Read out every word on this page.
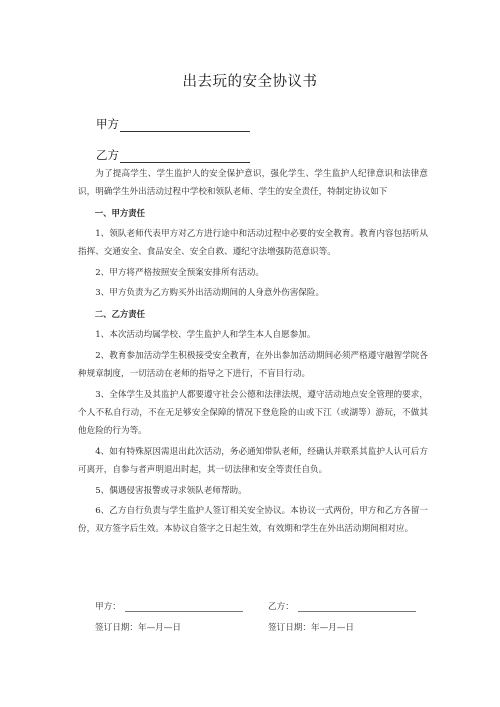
出去玩的安全协议书
甲方
乙方

为了提高学生、学生监护人的安全保护意识，强化学生、学生监护人纪律意识和法律意识，明确学生外出活动过程中学校和领队老师、学生的安全责任，特制定协议如下

一、甲方责任

1、领队老师代表甲方对乙方进行途中和活动过程中必要的安全教育。教育内容包括听从指挥、交通安全、食品安全、安全自救、遵纪守法增强防范意识等。

2、甲方将严格按照安全预案安排所有活动。

3、甲方负责为乙方购买外出活动期间的人身意外伤害保险。

二、乙方责任

1、本次活动均属学校、学生监护人和学生本人自愿参加。

2、教育参加活动学生积极接受安全教育，在外出参加活动期间必须严格遵守融智学院各种规章制度，一切活动在老师的指导之下进行，不盲目行动。

3、全体学生及其监护人都要遵守社会公德和法律法规，遵守活动地点安全管理的要求，个人不私自行动，不在无足够安全保障的情况下登危险的山或下江（或湖等）游玩，不做其他危险的行为等。

4、如有特殊原因需退出此次活动，务必通知带队老师，经确认并联系其监护人认可后方可离开，自参与者声明退出时起，其一切法律和安全等责任自负。

5、偶遇侵害报警或寻求领队老师帮助。

6、乙方自行负责与学生监护人签订相关安全协议。本协议一式两份，甲方和乙方各留一份，双方签字后生效。本协议自签字之日起生效，有效期和学生在外出活动期间相对应。

甲方：	乙方：
签订日期：年—月—日	签订日期：年—月—日
